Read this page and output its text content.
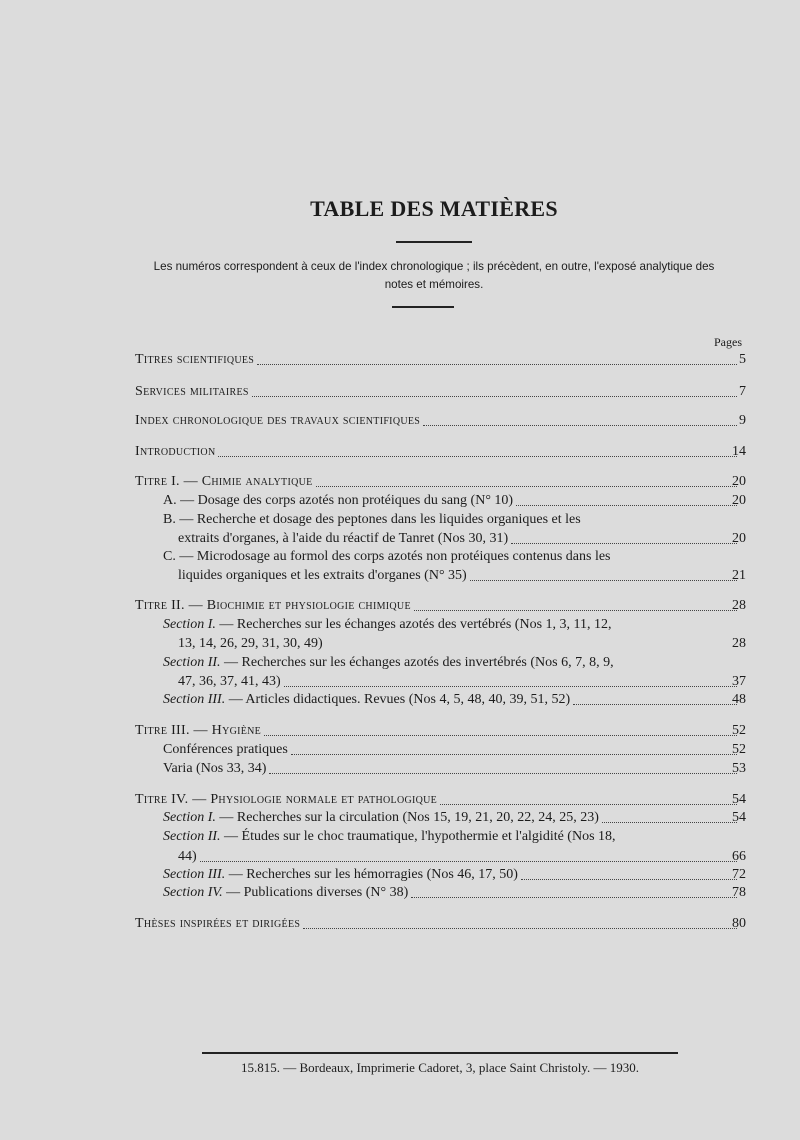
TABLE DES MATIÈRES
Les numéros correspondent à ceux de l'index chronologique ; ils précèdent, en outre, l'exposé analytique des notes et mémoires.
Pages
Titres scientifiques	5
Services militaires	7
Index chronologique des travaux scientifiques	9
Introduction	14
Titre I. — Chimie analytique	20
A. — Dosage des corps azotés non protéiques du sang (N° 10)	20
B. — Recherche et dosage des peptones dans les liquides organiques et les
extraits d'organes, à l'aide du réactif de Tanret (Nos 30, 31)	20
C. — Microdosage au formol des corps azotés non protéiques contenus dans les
liquides organiques et les extraits d'organes (N° 35)	21
Titre II. — Biochimie et physiologie chimique	28
Section I. — Recherches sur les échanges azotés des vertébrés (Nos 1, 3, 11, 12,
13, 14, 26, 29, 31, 30, 49)	28
Section II. — Recherches sur les échanges azotés des invertébrés (Nos 6, 7, 8, 9,
47, 36, 37, 41, 43)	37
Section III. — Articles didactiques. Revues (Nos 4, 5, 48, 40, 39, 51, 52)	48
Titre III. — Hygiène	52
Conférences pratiques	52
Varia (Nos 33, 34)	53
Titre IV. — Physiologie normale et pathologique	54
Section I. — Recherches sur la circulation (Nos 15, 19, 21, 20, 22, 24, 25, 23)	54
Section II. — Études sur le choc traumatique, l'hypothermie et l'algidité (Nos 18,
44)	66
Section III. — Recherches sur les hémorragies (Nos 46, 17, 50)	72
Section IV. — Publications diverses (N° 38)	78
Thèses inspirées et dirigées	80
15.815. — Bordeaux, Imprimerie Cadoret, 3, place Saint Christoly. — 1930.
